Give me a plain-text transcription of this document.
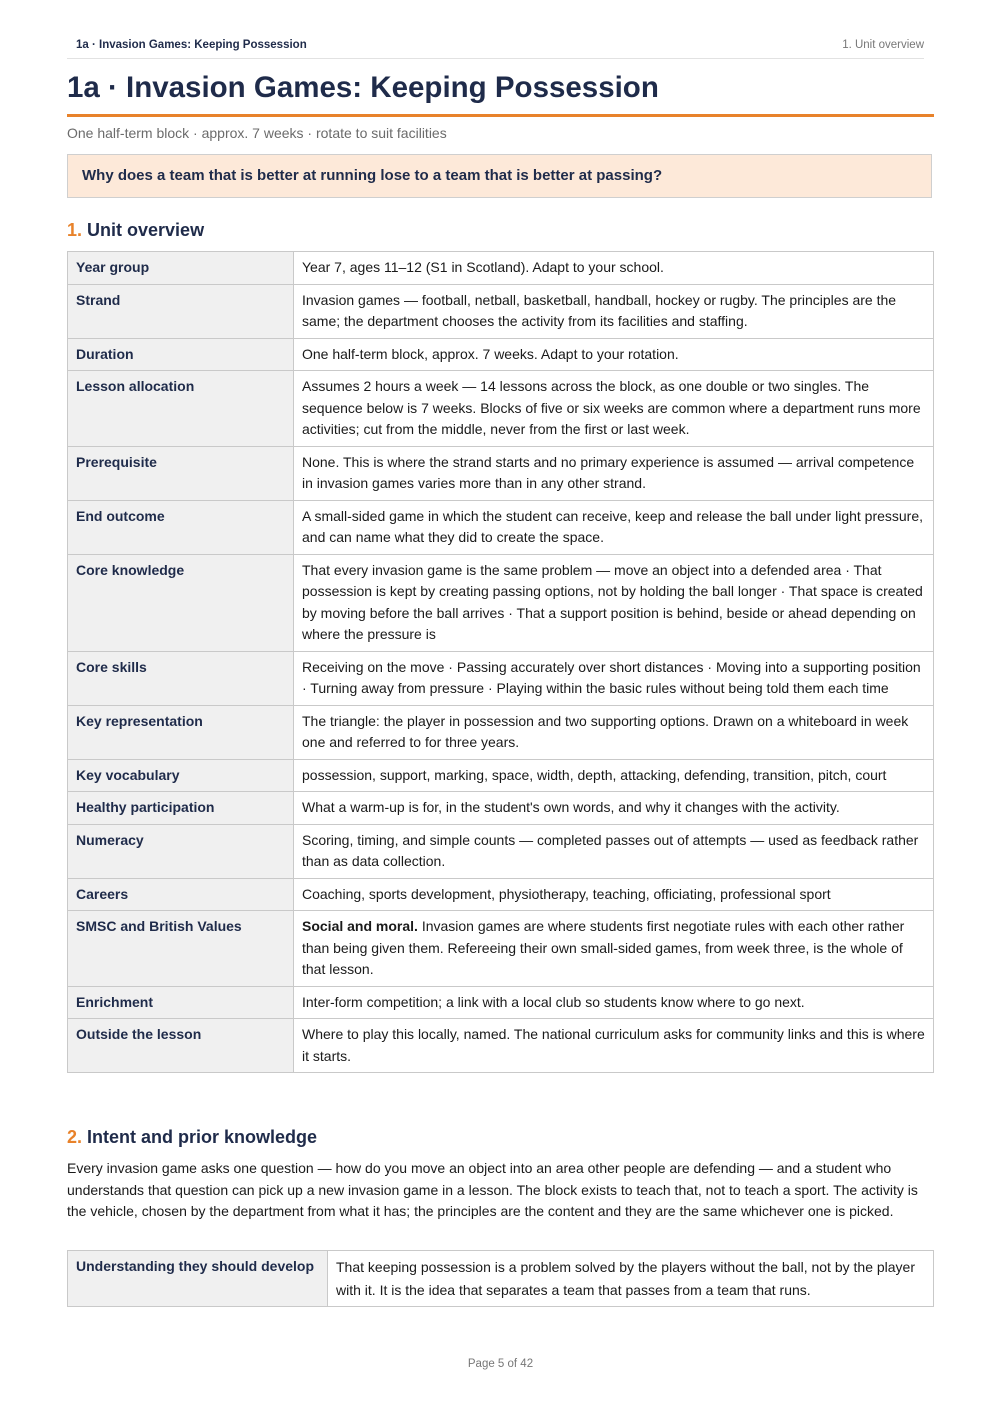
1a · Invasion Games: Keeping Possession	1. Unit overview
1a · Invasion Games: Keeping Possession
One half-term block · approx. 7 weeks · rotate to suit facilities
Why does a team that is better at running lose to a team that is better at passing?
1. Unit overview
Year group	Year 7, ages 11–12 (S1 in Scotland). Adapt to your school.
Strand	Invasion games — football, netball, basketball, handball, hockey or rugby. The principles are the same; the department chooses the activity from its facilities and staffing.
Duration	One half-term block, approx. 7 weeks. Adapt to your rotation.
Lesson allocation	Assumes 2 hours a week — 14 lessons across the block, as one double or two singles. The sequence below is 7 weeks. Blocks of five or six weeks are common where a department runs more activities; cut from the middle, never from the first or last week.
Prerequisite	None. This is where the strand starts and no primary experience is assumed — arrival competence in invasion games varies more than in any other strand.
End outcome	A small-sided game in which the student can receive, keep and release the ball under light pressure, and can name what they did to create the space.
Core knowledge	That every invasion game is the same problem — move an object into a defended area · That possession is kept by creating passing options, not by holding the ball longer · That space is created by moving before the ball arrives · That a support position is behind, beside or ahead depending on where the pressure is
Core skills	Receiving on the move · Passing accurately over short distances · Moving into a supporting position · Turning away from pressure · Playing within the basic rules without being told them each time
Key representation	The triangle: the player in possession and two supporting options. Drawn on a whiteboard in week one and referred to for three years.
Key vocabulary	possession, support, marking, space, width, depth, attacking, defending, transition, pitch, court
Healthy participation	What a warm-up is for, in the student's own words, and why it changes with the activity.
Numeracy	Scoring, timing, and simple counts — completed passes out of attempts — used as feedback rather than as data collection.
Careers	Coaching, sports development, physiotherapy, teaching, officiating, professional sport
SMSC and British Values	Social and moral. Invasion games are where students first negotiate rules with each other rather than being given them. Refereeing their own small-sided games, from week three, is the whole of that lesson.
Enrichment	Inter-form competition; a link with a local club so students know where to go next.
Outside the lesson	Where to play this locally, named. The national curriculum asks for community links and this is where it starts.
2. Intent and prior knowledge

Every invasion game asks one question — how do you move an object into an area other people are defending — and a student who understands that question can pick up a new invasion game in a lesson. The block exists to teach that, not to teach a sport. The activity is the vehicle, chosen by the department from what it has; the principles are the content and they are the same whichever one is picked.

Understanding they should develop	That keeping possession is a problem solved by the players without the ball, not by the player with it. It is the idea that separates a team that passes from a team that runs.
Page 5 of 42
